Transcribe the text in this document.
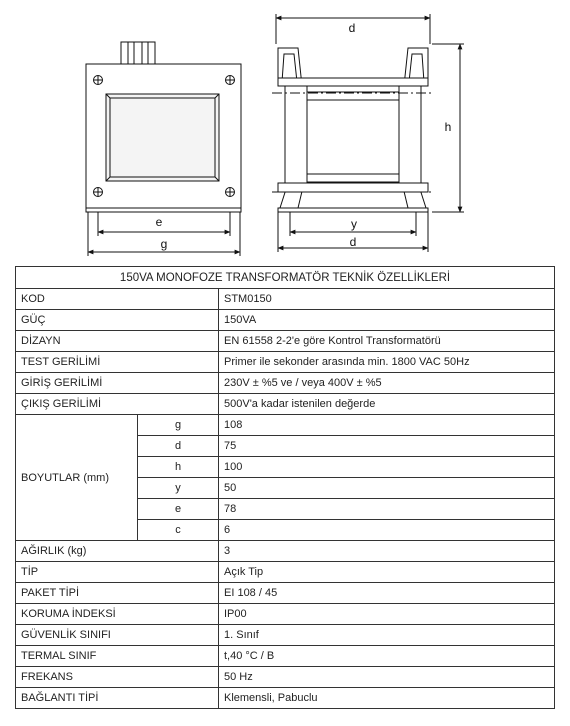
e
g
d
h
y
d
150VA MONOFOZE TRANSFORMATÖR TEKNİK ÖZELLİKLERİ		
KOD		STM0150
GÜÇ		150VA
DİZAYN		EN 61558 2-2'e göre Kontrol Transformatörü
TEST GERİLİMİ		Primer ile sekonder arasında min. 1800 VAC 50Hz
GİRİŞ GERİLİMİ		230V ± %5 ve / veya 400V ± %5
ÇIKIŞ GERİLİMİ		500V'a kadar istenilen değerde
BOYUTLAR (mm)	g	108
	d	75
	h	100
	y	50
	e	78
	c	6
AĞIRLIK (kg)		3
TİP		Açık Tip
PAKET TİPİ		EI 108 / 45
KORUMA İNDEKSİ		IP00
GÜVENLİK SINIFI		1. Sınıf
TERMAL SINIF		t,40 °C / B
FREKANS		50 Hz
BAĞLANTI TİPİ		Klemensli, Pabuclu
